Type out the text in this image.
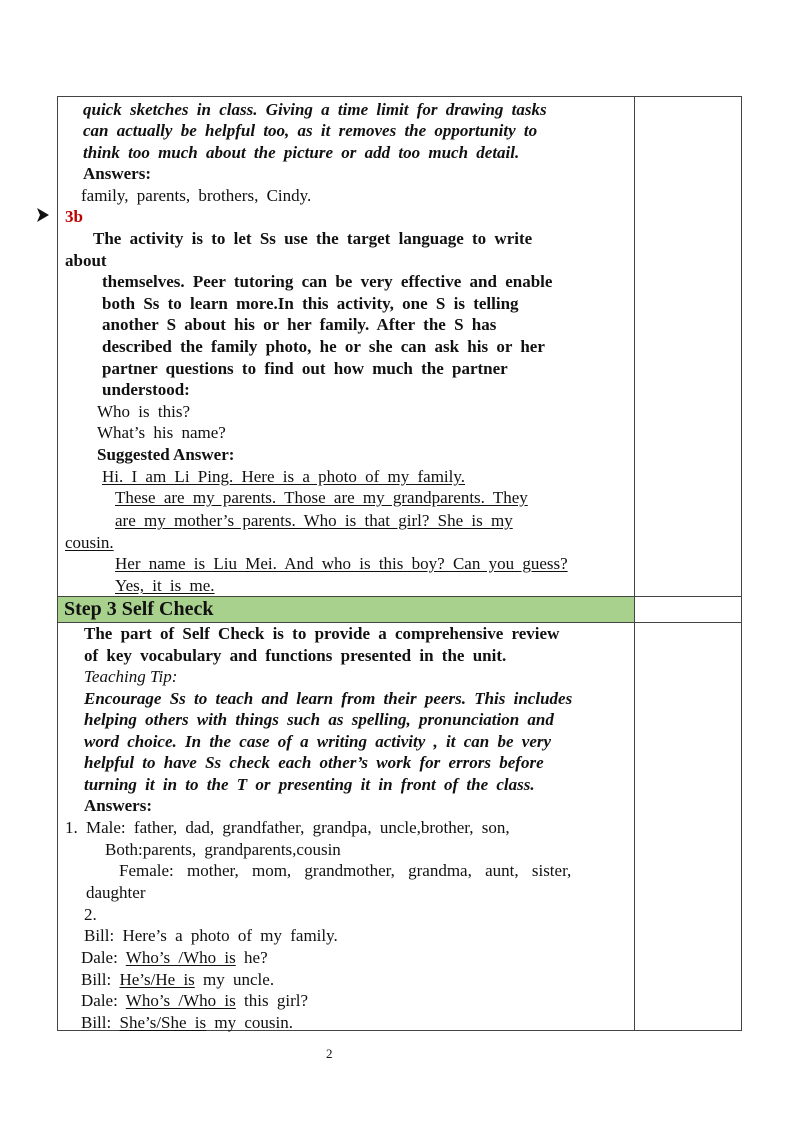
quick sketches in class. Giving a time limit for drawing tasks
can actually be helpful too, as it removes the opportunity to
think too much about the picture or add too much detail.
Answers:
family, parents, brothers, Cindy.
3b
The activity is to let Ss use the target language to write
about
themselves. Peer tutoring can be very effective and enable
both Ss to learn more.In this activity, one S is telling
another S about his or her family. After the S has
described the family photo, he or she can ask his or her
partner questions to find out how much the partner
understood:
Who is this?
What’s his name?
Suggested Answer:
Hi. I am Li Ping. Here is a photo of my family.
These are my parents. Those are my grandparents. They
are my mother’s parents. Who is that girl? She is my
cousin.
Her name is Liu Mei. And who is this boy? Can you guess?
Yes, it is me.
Step 3 Self Check
The part of Self Check is to provide a comprehensive review
of key vocabulary and functions presented in the unit.
Teaching Tip:
Encourage Ss to teach and learn from their peers. This includes
helping others with things such as spelling, pronunciation and
word choice. In the case of a writing activity , it can be very
helpful to have Ss check each other’s work for errors before
turning it in to the T or presenting it in front of the class.
Answers:
1. Male: father, dad, grandfather, grandpa, uncle,brother, son,
Both:parents, grandparents,cousin
Female: mother, mom, grandmother, grandma, aunt, sister,
daughter
2.
Bill: Here’s a photo of my family.
Dale: Who’s /Who is he?
Bill: He’s/He is my uncle.
Dale: Who’s /Who is this girl?
Bill: She’s/She is my cousin.
2
